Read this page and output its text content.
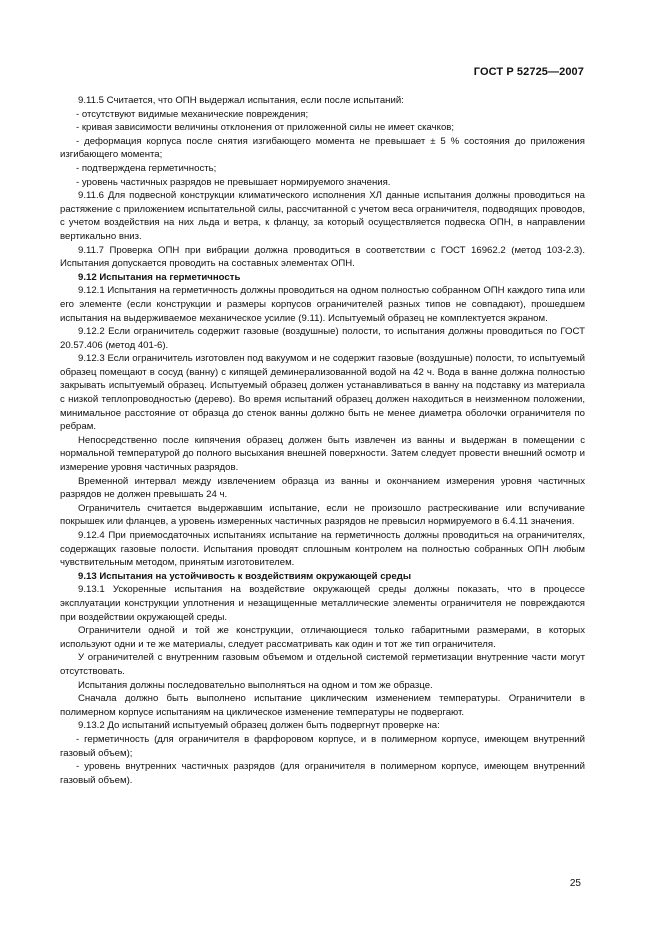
ГОСТ Р 52725—2007

9.11.5 Считается, что ОПН выдержал испытания, если после испытаний:

- отсутствуют видимые механические повреждения;

- кривая зависимости величины отклонения от приложенной силы не имеет скачков;

- деформация корпуса после снятия изгибающего момента не превышает ± 5 % состояния до приложения изгибающего момента;

- подтверждена герметичность;

- уровень частичных разрядов не превышает нормируемого значения.

9.11.6 Для подвесной конструкции климатического исполнения ХЛ данные испытания должны проводиться на растяжение с приложением испытательной силы, рассчитанной с учетом веса ограничителя, подводящих проводов, с учетом воздействия на них льда и ветра, к фланцу, за который осуществляется подвеска ОПН, в направлении вертикально вниз.

9.11.7 Проверка ОПН при вибрации должна проводиться в соответствии с ГОСТ 16962.2 (метод 103-2.3). Испытания допускается проводить на составных элементах ОПН.

9.12 Испытания на герметичность

9.12.1 Испытания на герметичность должны проводиться на одном полностью собранном ОПН каждого типа или его элементе (если конструкции и размеры корпусов ограничителей разных типов не совпадают), прошедшем испытания на выдерживаемое механическое усилие (9.11). Испытуемый образец не комплектуется экраном.

9.12.2 Если ограничитель содержит газовые (воздушные) полости, то испытания должны проводиться по ГОСТ 20.57.406 (метод 401-6).

9.12.3 Если ограничитель изготовлен под вакуумом и не содержит газовые (воздушные) полости, то испытуемый образец помещают в сосуд (ванну) с кипящей деминерализованной водой на 42 ч. Вода в ванне должна полностью закрывать испытуемый образец. Испытуемый образец должен устанавливаться в ванну на подставку из материала с низкой теплопроводностью (дерево). Во время испытаний образец должен находиться в неизменном положении, минимальное расстояние от образца до стенок ванны должно быть не менее диаметра оболочки ограничителя по ребрам.

Непосредственно после кипячения образец должен быть извлечен из ванны и выдержан в помещении с нормальной температурой до полного высыхания внешней поверхности. Затем следует провести внешний осмотр и измерение уровня частичных разрядов.

Временной интервал между извлечением образца из ванны и окончанием измерения уровня частичных разрядов не должен превышать 24 ч.

Ограничитель считается выдержавшим испытание, если не произошло растрескивание или вспучивание покрышек или фланцев, а уровень измеренных частичных разрядов не превысил нормируемого в 6.4.11 значения.

9.12.4 При приемосдаточных испытаниях испытание на герметичность должны проводиться на ограничителях, содержащих газовые полости. Испытания проводят сплошным контролем на полностью собранных ОПН любым чувствительным методом, принятым изготовителем.

9.13 Испытания на устойчивость к воздействиям окружающей среды

9.13.1 Ускоренные испытания на воздействие окружающей среды должны показать, что в процессе эксплуатации конструкции уплотнения и незащищенные металлические элементы ограничителя не повреждаются при воздействии окружающей среды.

Ограничители одной и той же конструкции, отличающиеся только габаритными размерами, в которых используют одни и те же материалы, следует рассматривать как один и тот же тип ограничителя.

У ограничителей с внутренним газовым объемом и отдельной системой герметизации внутренние части могут отсутствовать.

Испытания должны последовательно выполняться на одном и том же образце.

Сначала должно быть выполнено испытание циклическим изменением температуры. Ограничители в полимерном корпусе испытаниям на циклическое изменение температуры не подвергают.

9.13.2 До испытаний испытуемый образец должен быть подвергнут проверке на:

- герметичность (для ограничителя в фарфоровом корпусе, и в полимерном корпусе, имеющем внутренний газовый объем);

- уровень внутренних частичных разрядов (для ограничителя в полимерном корпусе, имеющем внутренний газовый объем).

25
